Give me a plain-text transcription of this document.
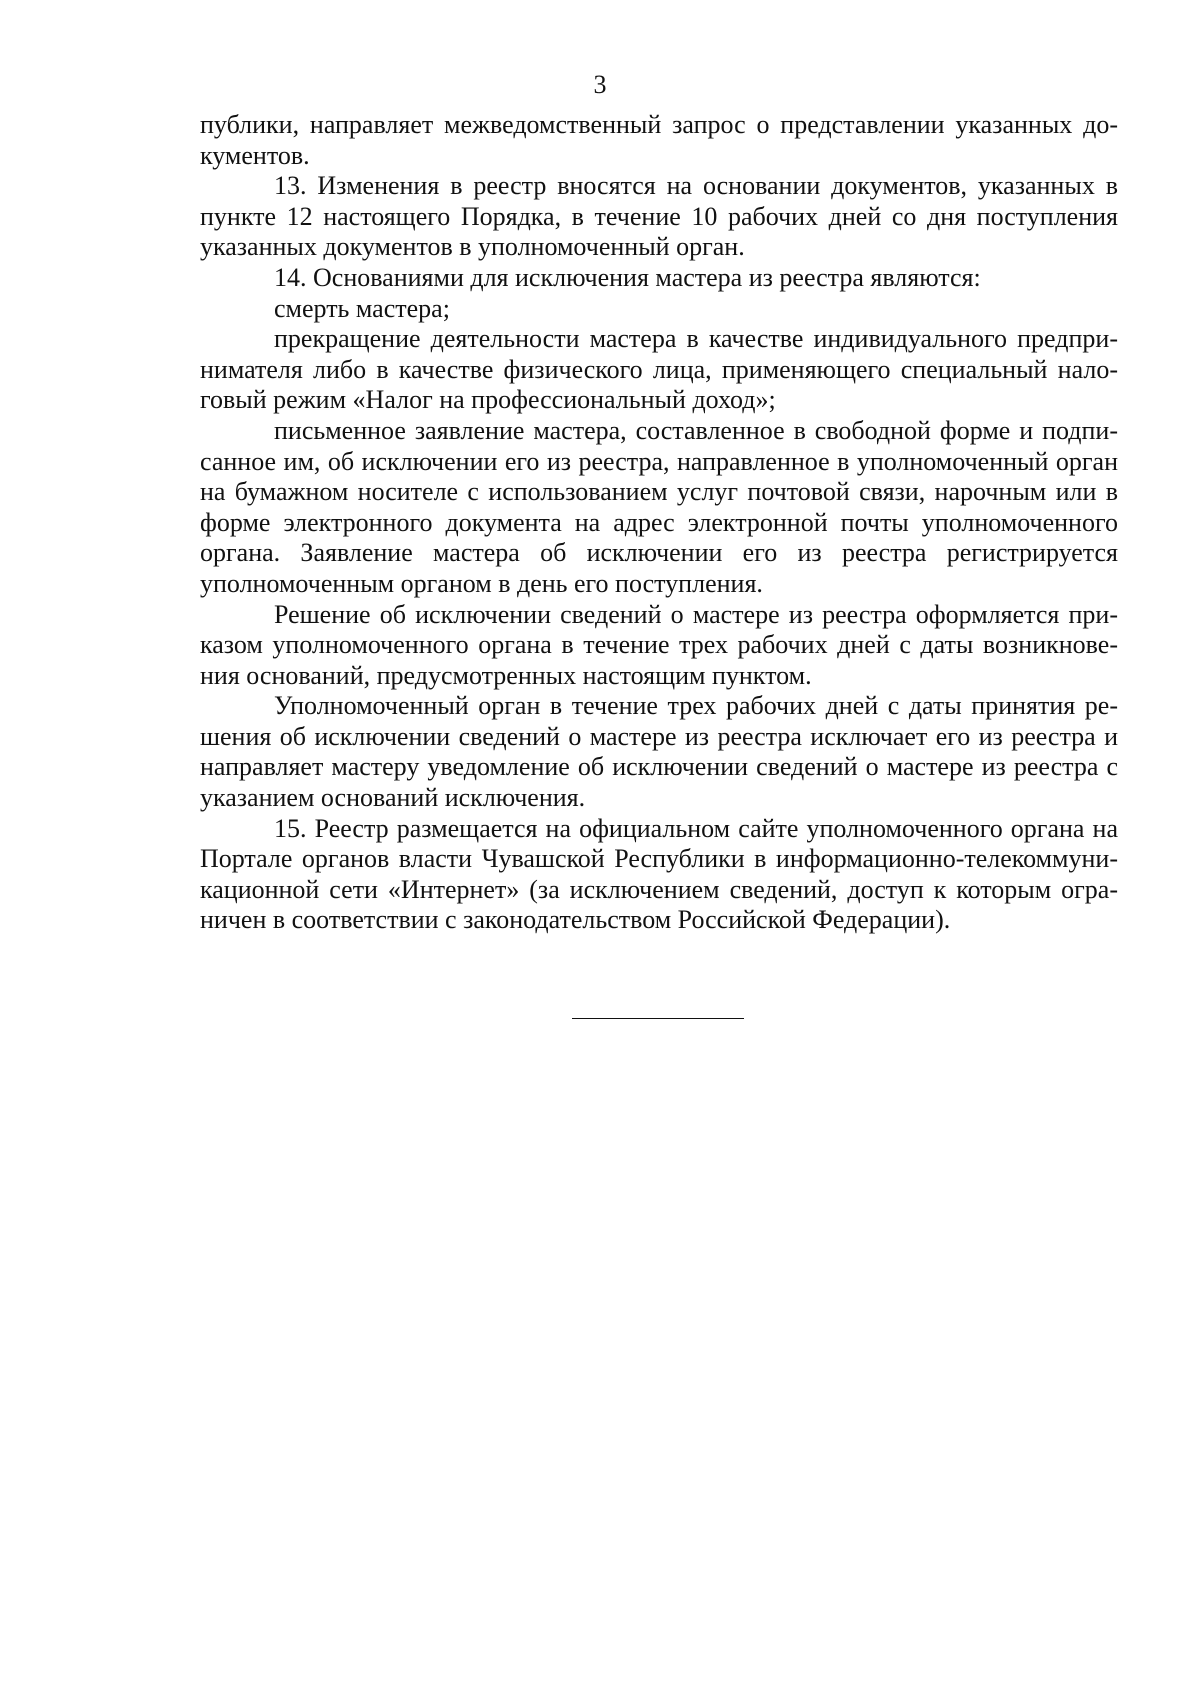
3

публики, направляет межведомственный запрос о представлении указанных документов.

13. Изменения в реестр вносятся на основании документов, указанных в пункте 12 настоящего Порядка, в течение 10 рабочих дней со дня поступления указанных документов в уполномоченный орган.

14. Основаниями для исключения мастера из реестра являются:

смерть мастера;

прекращение деятельности мастера в качестве индивидуального предпринимателя либо в качестве физического лица, применяющего специальный налоговый режим «Налог на профессиональный доход»;

письменное заявление мастера, составленное в свободной форме и подписанное им, об исключении его из реестра, направленное в уполномоченный орган на бумажном носителе с использованием услуг почтовой связи, нарочным или в форме электронного документа на адрес электронной почты уполномоченного органа. Заявление мастера об исключении его из реестра регистрируется уполномоченным органом в день его поступления.

Решение об исключении сведений о мастере из реестра оформляется приказом уполномоченного органа в течение трех рабочих дней с даты возникновения оснований, предусмотренных настоящим пунктом.

Уполномоченный орган в течение трех рабочих дней с даты принятия решения об исключении сведений о мастере из реестра исключает его из реестра и направляет мастеру уведомление об исключении сведений о мастере из реестра с указанием оснований исключения.

15. Реестр размещается на официальном сайте уполномоченного органа на Портале органов власти Чувашской Республики в информационно-телекоммуникационной сети «Интернет» (за исключением сведений, доступ к которым ограничен в соответствии с законодательством Российской Федерации).
